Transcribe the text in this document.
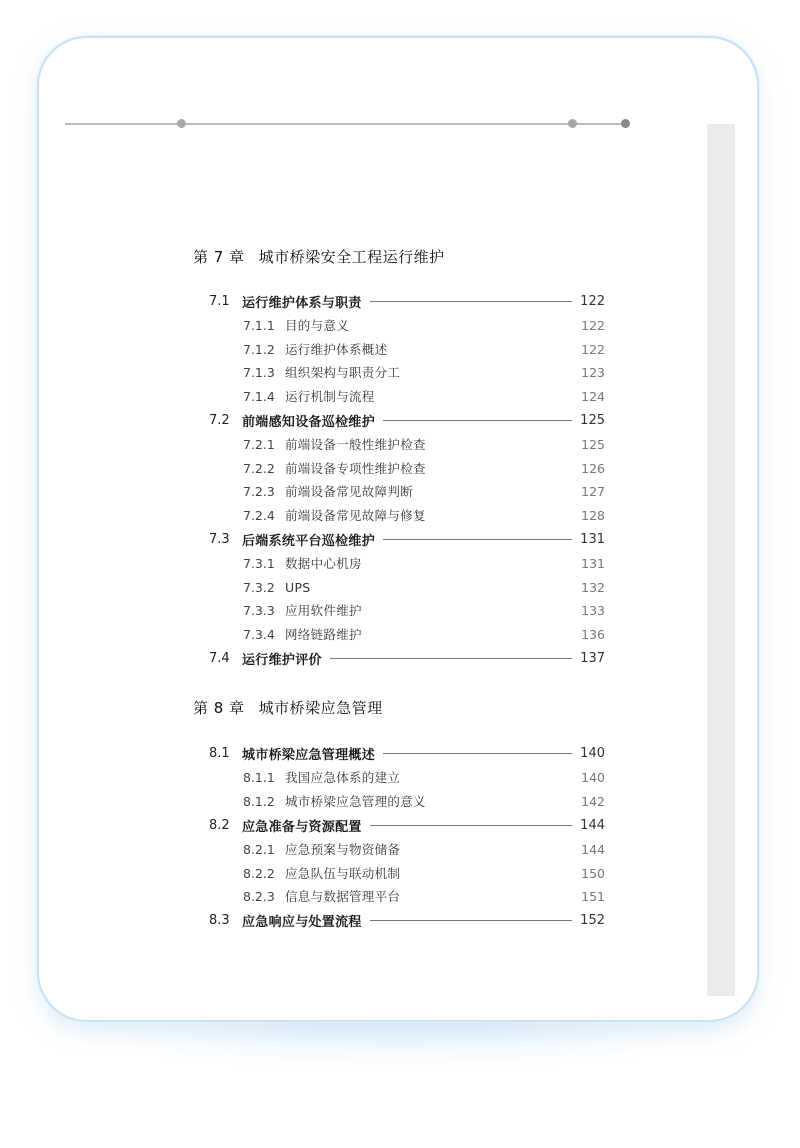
第 7 章 城市桥梁安全工程运行维护
7.1 运行维护体系与职责	122
7.1.1 目的与意义	122
7.1.2 运行维护体系概述	122
7.1.3 组织架构与职责分工	123
7.1.4 运行机制与流程	124
7.2 前端感知设备巡检维护	125
7.2.1 前端设备一般性维护检查	125
7.2.2 前端设备专项性维护检查	126
7.2.3 前端设备常见故障判断	127
7.2.4 前端设备常见故障与修复	128
7.3 后端系统平台巡检维护	131
7.3.1 数据中心机房	131
7.3.2 UPS	132
7.3.3 应用软件维护	133
7.3.4 网络链路维护	136
7.4 运行维护评价	137
第 8 章 城市桥梁应急管理
8.1 城市桥梁应急管理概述	140
8.1.1 我国应急体系的建立	140
8.1.2 城市桥梁应急管理的意义	142
8.2 应急准备与资源配置	144
8.2.1 应急预案与物资储备	144
8.2.2 应急队伍与联动机制	150
8.2.3 信息与数据管理平台	151
8.3 应急响应与处置流程	152
